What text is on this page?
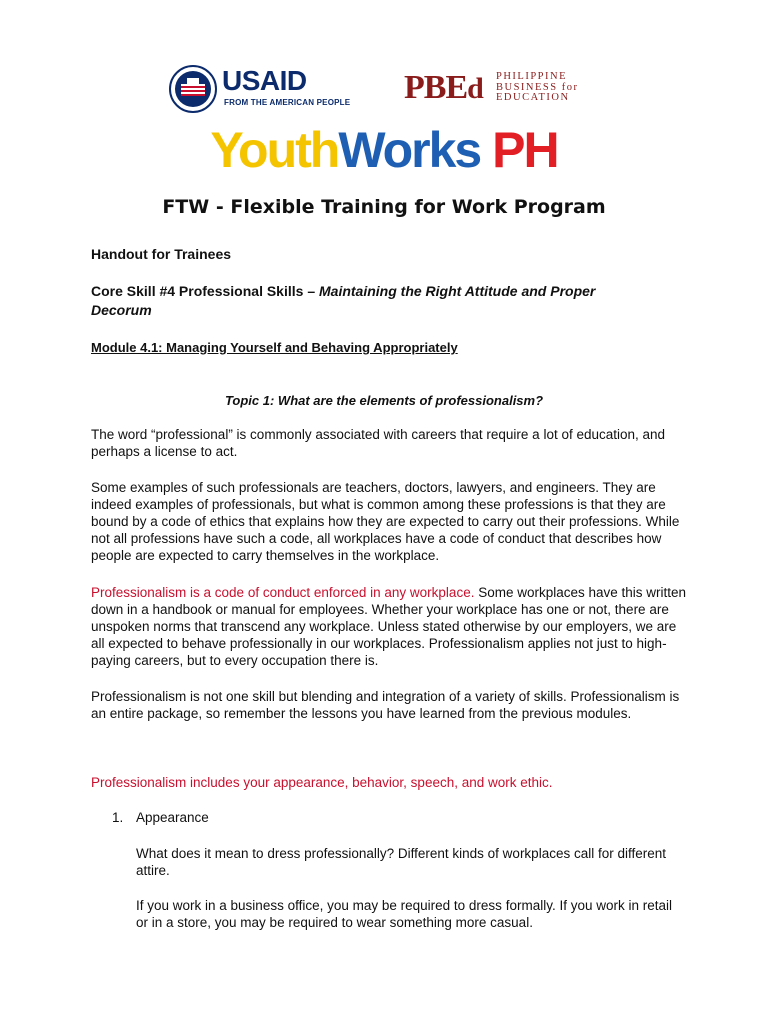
USAID
FROM THE AMERICAN PEOPLE PBEd PHILIPPINE
BUSINESS for
EDUCATION
YouthWorks PH
FTW - Flexible Training for Work Program
Handout for Trainees
Core Skill #4 Professional Skills – Maintaining the Right Attitude and Proper Decorum
Module 4.1: Managing Yourself and Behaving Appropriately
Topic 1: What are the elements of professionalism?
The word “professional” is commonly associated with careers that require a lot of education, and perhaps a license to act.
Some examples of such professionals are teachers, doctors, lawyers, and engineers. They are indeed examples of professionals, but what is common among these professions is that they are bound by a code of ethics that explains how they are expected to carry out their professions. While not all professions have such a code, all workplaces have a code of conduct that describes how people are expected to carry themselves in the workplace.
Professionalism is a code of conduct enforced in any workplace. Some workplaces have this written down in a handbook or manual for employees. Whether your workplace has one or not, there are unspoken norms that transcend any workplace. Unless stated otherwise by our employers, we are all expected to behave professionally in our workplaces. Professionalism applies not just to high-paying careers, but to every occupation there is.
Professionalism is not one skill but blending and integration of a variety of skills. Professionalism is an entire package, so remember the lessons you have learned from the previous modules.
Professionalism includes your appearance, behavior, speech, and work ethic.
1. Appearance
What does it mean to dress professionally? Different kinds of workplaces call for different attire.
If you work in a business office, you may be required to dress formally. If you work in retail or in a store, you may be required to wear something more casual.
